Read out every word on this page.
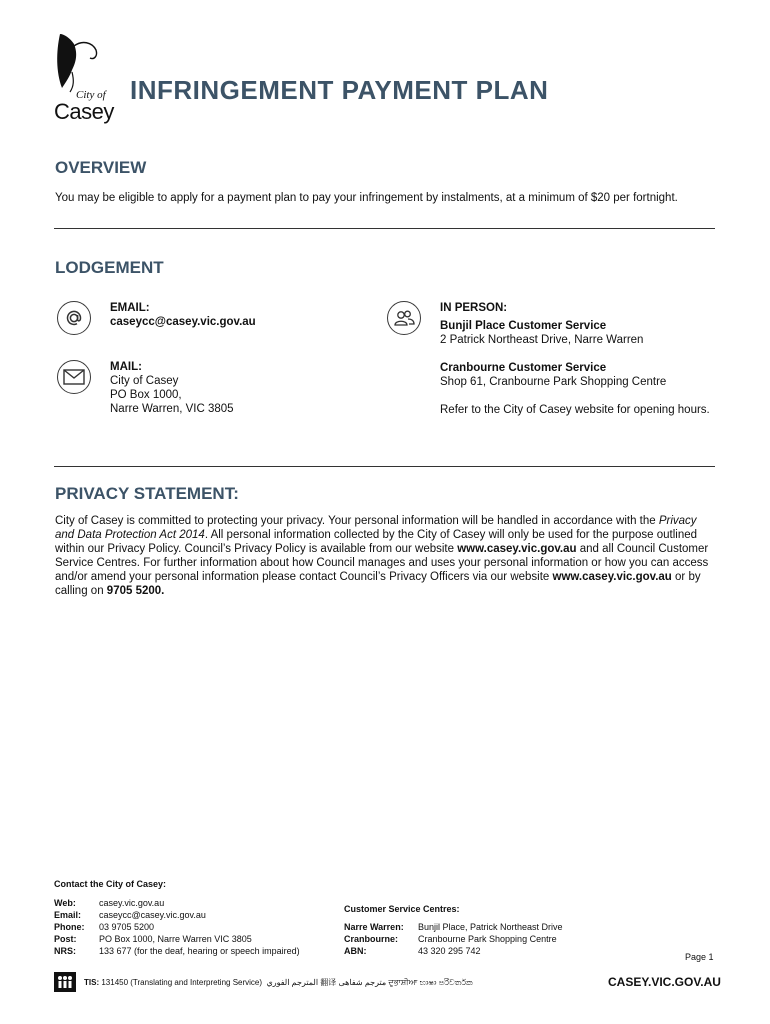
City of
Casey
INFRINGEMENT PAYMENT PLAN
OVERVIEW
You may be eligible to apply for a payment plan to pay your infringement by instalments, at a minimum of $20 per fortnight.
LODGEMENT
EMAIL:
caseycc@casey.vic.gov.au
MAIL:
City of Casey
PO Box 1000,
Narre Warren, VIC 3805
IN PERSON:
Bunjil Place Customer Service
2 Patrick Northeast Drive, Narre Warren
Cranbourne Customer Service
Shop 61, Cranbourne Park Shopping Centre
Refer to the City of Casey website for opening hours.
PRIVACY STATEMENT:
City of Casey is committed to protecting your privacy. Your personal information will be handled in accordance with the Privacy and Data Protection Act 2014. All personal information collected by the City of Casey will only be used for the purpose outlined within our Privacy Policy. Council’s Privacy Policy is available from our website www.casey.vic.gov.au and all Council Customer Service Centres. For further information about how Council manages and uses your personal information or how you can access and/or amend your personal information please contact Council’s Privacy Officers via our website www.casey.vic.gov.au or by calling on 9705 5200.
Contact the City of Casey:
Web:	casey.vic.gov.au
Email: caseycc@casey.vic.gov.au
Phone: 03 9705 5200
Post:	PO Box 1000, Narre Warren VIC 3805
NRS:	133 677 (for the deaf, hearing or speech impaired)
Customer Service Centres:
Narre Warren: Bunjil Place, Patrick Northeast Drive
Cranbourne: Cranbourne Park Shopping Centre
ABN:	43 320 295 742
Page 1
TIS: 131450 (Translating and Interpreting Service) المترجم الفوري 翻译 مترجم شفاهی ਦੁਭਾਸ਼ੀਆ භාෂා පරිවර්තක	CASEY.VIC.GOV.AU
